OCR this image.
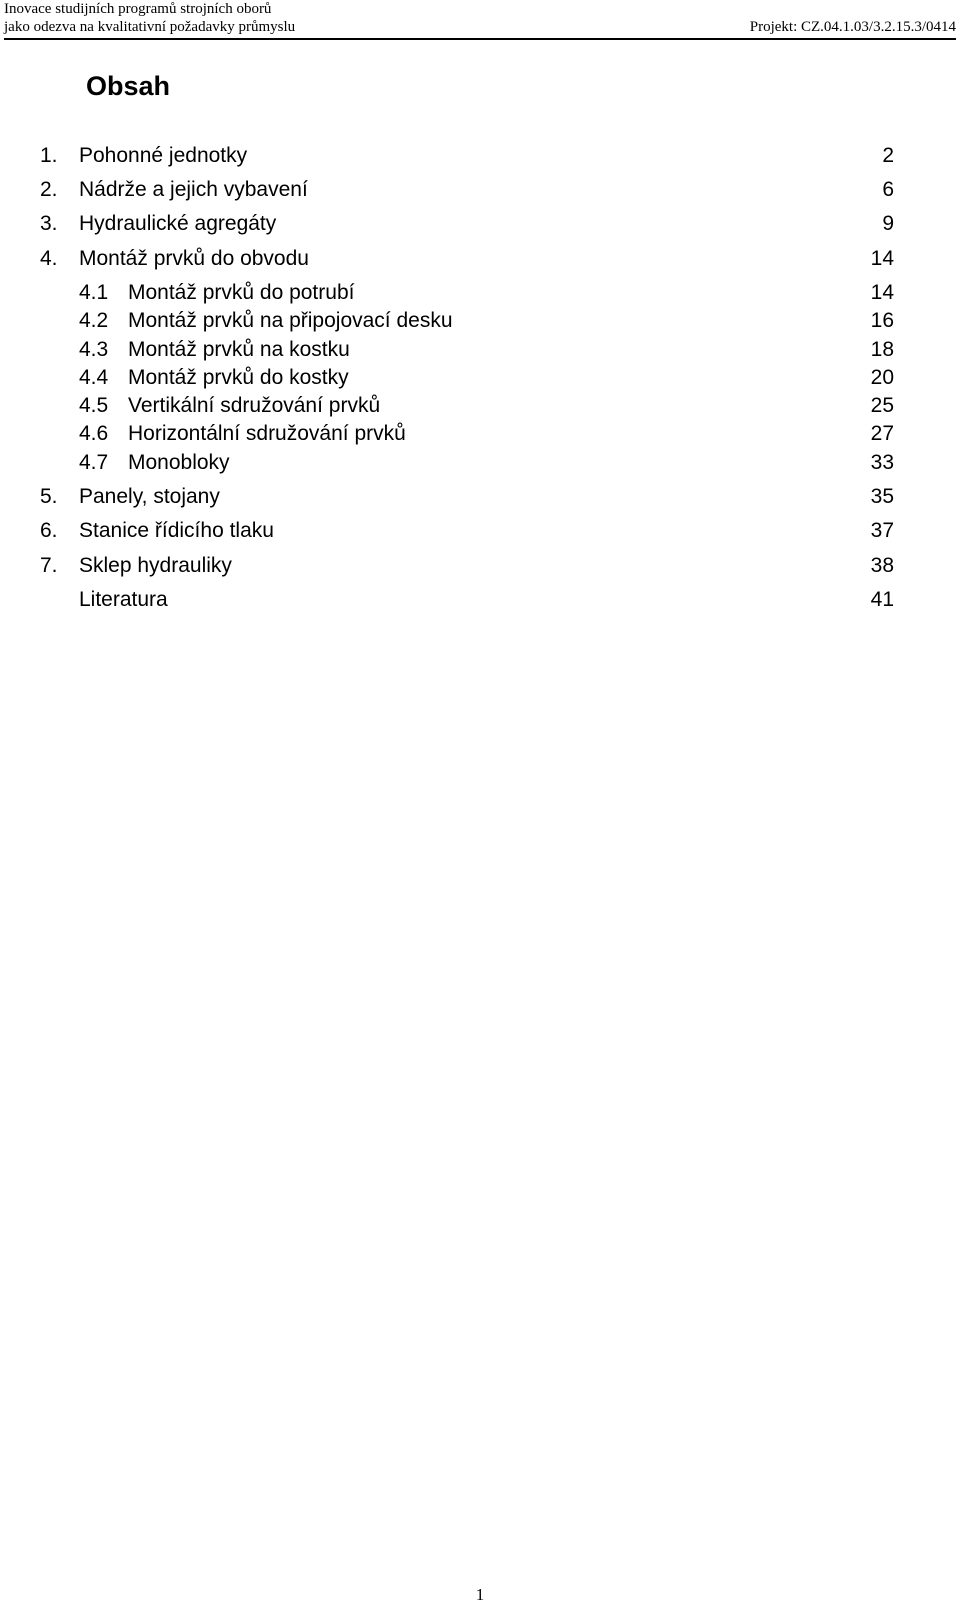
Inovace studijních programů strojních oborů
jako odezva na kvalitativní požadavky průmyslu	Projekt: CZ.04.1.03/3.2.15.3/0414
Obsah
1. Pohonné jednotky	2
2. Nádrže a jejich vybavení	6
3. Hydraulické agregáty	9
4. Montáž prvků do obvodu	14
4.1 Montáž prvků do potrubí	14
4.2 Montáž prvků na připojovací desku	16
4.3 Montáž prvků na kostku	18
4.4 Montáž prvků do kostky	20
4.5 Vertikální sdružování prvků	25
4.6 Horizontální sdružování prvků	27
4.7 Monobloky	33
5. Panely, stojany	35
6. Stanice řídicího tlaku	37
7. Sklep hydrauliky	38
Literatura	41
1
